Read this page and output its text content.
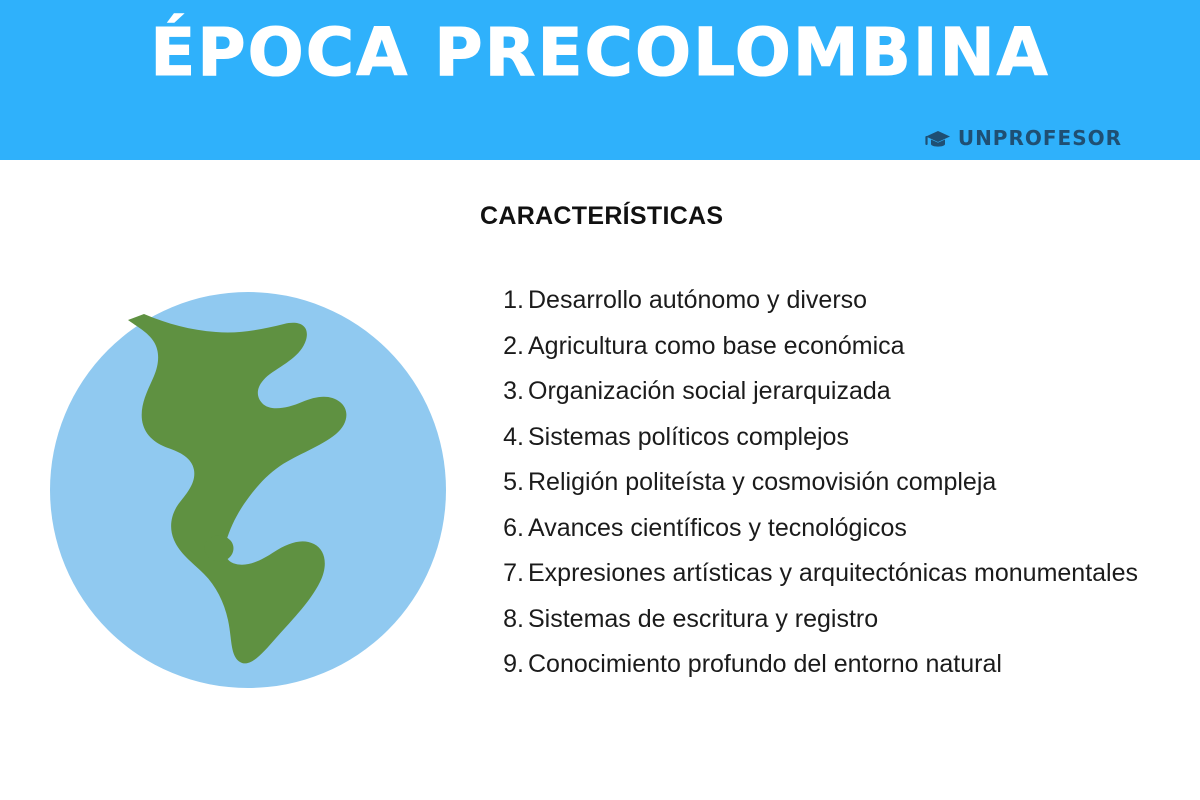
ÉPOCA PRECOLOMBINA
UNPROFESOR
CARACTERÍSTICAS
Desarrollo autónomo y diverso
Agricultura como base económica
Organización social jerarquizada
Sistemas políticos complejos
Religión politeísta y cosmovisión compleja
Avances científicos y tecnológicos
Expresiones artísticas y arquitectónicas monumentales
Sistemas de escritura y registro
Conocimiento profundo del entorno natural
